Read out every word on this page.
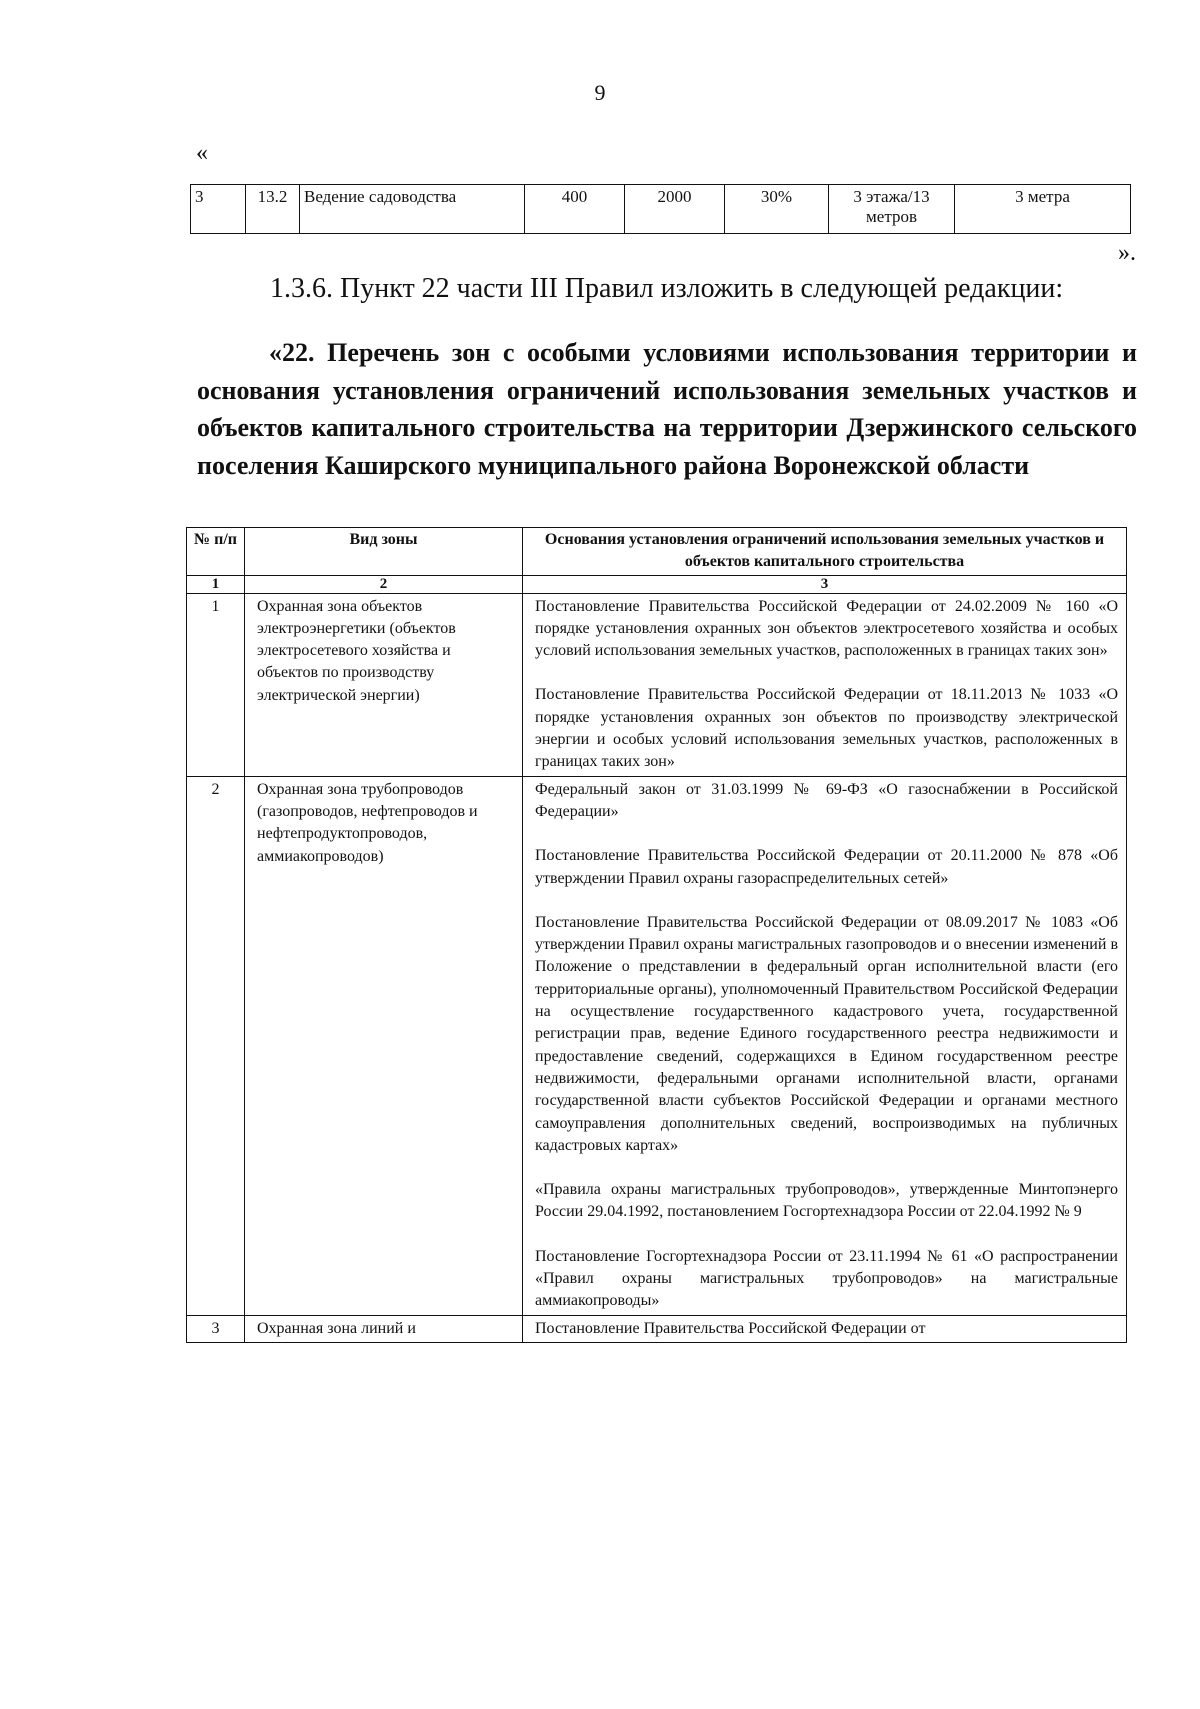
9
«
3	13.2	Ведение садоводства	400	2000	30%	3 этажа/13 метров	3 метра
».
1.3.6. Пункт 22 части III Правил изложить в следующей редакции:
«22. Перечень зон с особыми условиями использования территории и основания установления ограничений использования земельных участков и объектов капитального строительства на территории Дзержинского сельского поселения Каширского муниципального района Воронежской области
№ п/п	Вид зоны	Основания установления ограничений использования земельных участков и объектов капитального строительства
1	2	3
1	Охранная зона объектов электроэнергетики (объектов электросетевого хозяйства и объектов по производству электрической энергии)	Постановление Правительства Российской Федерации от 24.02.2009 № 160 «О порядке установления охранных зон объектов электросетевого хозяйства и особых условий использования земельных участков, расположенных в границах таких зон»

Постановление Правительства Российской Федерации от 18.11.2013 № 1033 «О порядке установления охранных зон объектов по производству электрической энергии и особых условий использования земельных участков, расположенных в границах таких зон»

2	Охранная зона трубопроводов (газопроводов, нефтепроводов и нефтепродуктопроводов, аммиакопроводов)	Федеральный закон от 31.03.1999 № 69-ФЗ «О газоснабжении в Российской Федерации»

Постановление Правительства Российской Федерации от 20.11.2000 № 878 «Об утверждении Правил охраны газораспределительных сетей»

Постановление Правительства Российской Федерации от 08.09.2017 № 1083 «Об утверждении Правил охраны магистральных газопроводов и о внесении изменений в Положение о представлении в федеральный орган исполнительной власти (его территориальные органы), уполномоченный Правительством Российской Федерации на осуществление государственного кадастрового учета, государственной регистрации прав, ведение Единого государственного реестра недвижимости и предоставление сведений, содержащихся в Едином государственном реестре недвижимости, федеральными органами исполнительной власти, органами государственной власти субъектов Российской Федерации и органами местного самоуправления дополнительных сведений, воспроизводимых на публичных кадастровых картах»

«Правила охраны магистральных трубопроводов», утвержденные Минтопэнерго России 29.04.1992, постановлением Госгортехнадзора России от 22.04.1992 № 9

Постановление Госгортехнадзора России от 23.11.1994 № 61 «О распространении «Правил охраны магистральных трубопроводов» на магистральные аммиакопроводы»

3	Охранная зона линий и	Постановление Правительства Российской Федерации от
